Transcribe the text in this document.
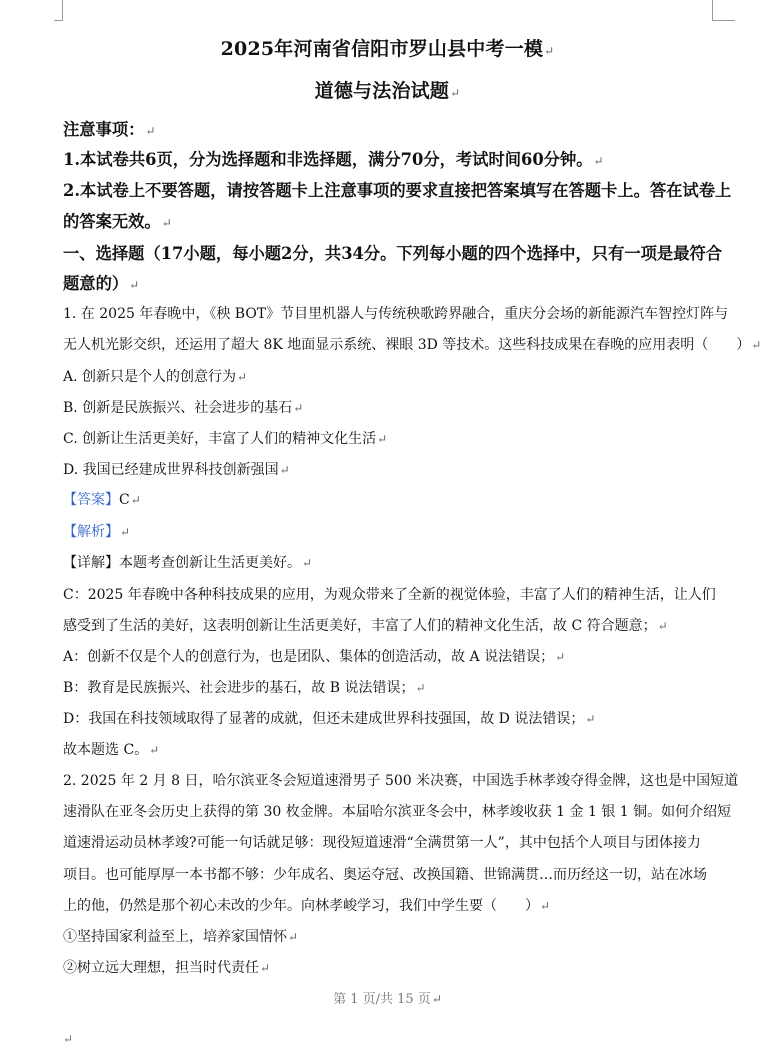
2025年河南省信阳市罗山县中考一模↵
道德与法治试题↵
注意事项：↵
1.本试卷共6页，分为选择题和非选择题，满分70分，考试时间60分钟。↵
2.本试卷上不要答题，请按答题卡上注意事项的要求直接把答案填写在答题卡上。答在试卷上
的答案无效。↵
一、选择题（17小题，每小题2分，共34分。下列每小题的四个选择中，只有一项是最符合
题意的）↵
1. 在 2025 年春晚中，《秧 BOT》节目里机器人与传统秧歌跨界融合，重庆分会场的新能源汽车智控灯阵与
无人机光影交织，还运用了超大 8K 地面显示系统、裸眼 3D 等技术。这些科技成果在春晚的应用表明（　　）↵
A. 创新只是个人的创意行为↵
B. 创新是民族振兴、社会进步的基石↵
C. 创新让生活更美好，丰富了人们的精神文化生活↵
D. 我国已经建成世界科技创新强国↵
【答案】C↵
【解析】↵
【详解】本题考查创新让生活更美好。↵
C：2025 年春晚中各种科技成果的应用，为观众带来了全新的视觉体验，丰富了人们的精神生活，让人们
感受到了生活的美好，这表明创新让生活更美好，丰富了人们的精神文化生活，故 C 符合题意；↵
A：创新不仅是个人的创意行为，也是团队、集体的创造活动，故 A 说法错误；↵
B：教育是民族振兴、社会进步的基石，故 B 说法错误；↵
D：我国在科技领域取得了显著的成就，但还未建成世界科技强国，故 D 说法错误；↵
故本题选 C。↵
2. 2025 年 2 月 8 日，哈尔滨亚冬会短道速滑男子 500 米决赛，中国选手林孝竣夺得金牌，这也是中国短道
速滑队在亚冬会历史上获得的第 30 枚金牌。本届哈尔滨亚冬会中，林孝竣收获 1 金 1 银 1 铜。如何介绍短
道速滑运动员林孝竣?可能一句话就足够：现役短道速滑“全满贯第一人”，其中包括个人项目与团体接力
项目。也可能厚厚一本书都不够：少年成名、奥运夺冠、改换国籍、世锦满贯…而历经这一切，站在冰场
上的他，仍然是那个初心未改的少年。向林孝峻学习，我们中学生要（　　）↵
①坚持国家利益至上，培养家国情怀↵
②树立远大理想，担当时代责任↵
第 1 页/共 15 页↵
↵
